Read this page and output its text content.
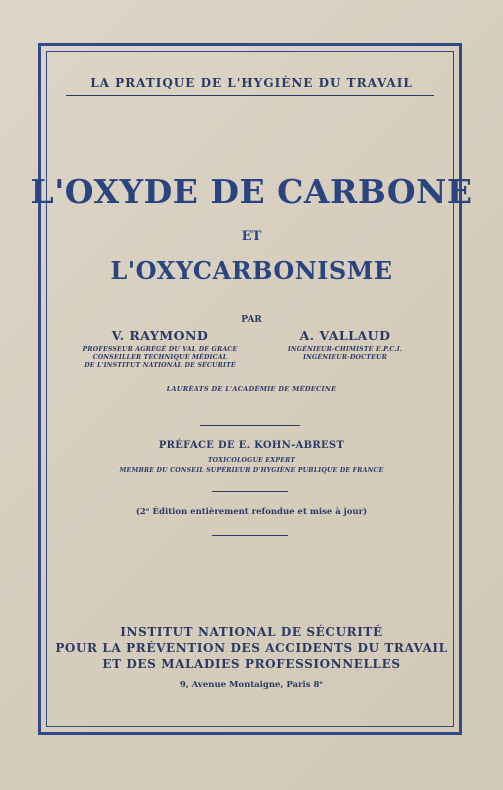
LA PRATIQUE DE L'HYGIÈNE DU TRAVAIL
L'OXYDE DE CARBONE
ET
L'OXYCARBONISME
PAR
V. RAYMOND
PROFESSEUR AGRÉGÉ DU VAL DE GRACE
CONSEILLER TECHNIQUE MÉDICAL
DE L'INSTITUT NATIONAL DE SÉCURITÉ
A. VALLAUD
INGÉNIEUR-CHIMISTE E.P.C.I.
INGÉNIEUR-DOCTEUR
LAURÉATS DE L'ACADÉMIE DE MÉDECINE
PRÉFACE DE E. KOHN-ABREST
TOXICOLOGUE EXPERT
MEMBRE DU CONSEIL SUPÉRIEUR D'HYGIÈNE PUBLIQUE DE FRANCE
(2ᵉ Édition entièrement refondue et mise à jour)
INSTITUT NATIONAL DE SÉCURITÉ
POUR LA PRÉVENTION DES ACCIDENTS DU TRAVAIL
ET DES MALADIES PROFESSIONNELLES
9, Avenue Montaigne, Paris 8ᵉ
